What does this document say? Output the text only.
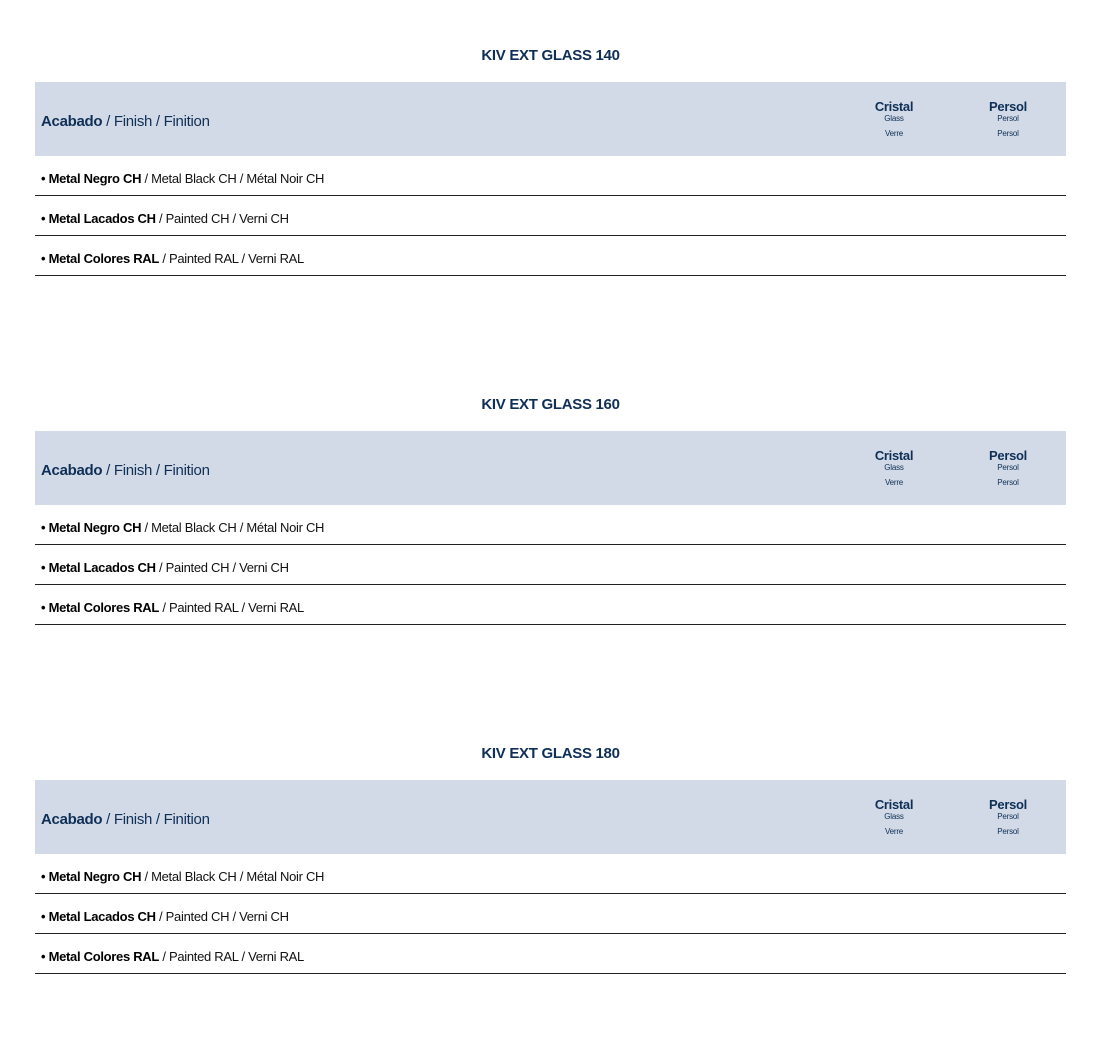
KIV EXT GLASS 140
Acabado / Finish / Finition
Cristal
Glass
Verre
Persol
Persol
Persol
• Metal Negro CH / Metal Black CH / Métal Noir CH
• Metal Lacados CH / Painted CH / Verni CH
• Metal Colores RAL / Painted RAL / Verni RAL
KIV EXT GLASS 160
Acabado / Finish / Finition
Cristal
Glass
Verre
Persol
Persol
Persol
• Metal Negro CH / Metal Black CH / Métal Noir CH
• Metal Lacados CH / Painted CH / Verni CH
• Metal Colores RAL / Painted RAL / Verni RAL
KIV EXT GLASS 180
Acabado / Finish / Finition
Cristal
Glass
Verre
Persol
Persol
Persol
• Metal Negro CH / Metal Black CH / Métal Noir CH
• Metal Lacados CH / Painted CH / Verni CH
• Metal Colores RAL / Painted RAL / Verni RAL
